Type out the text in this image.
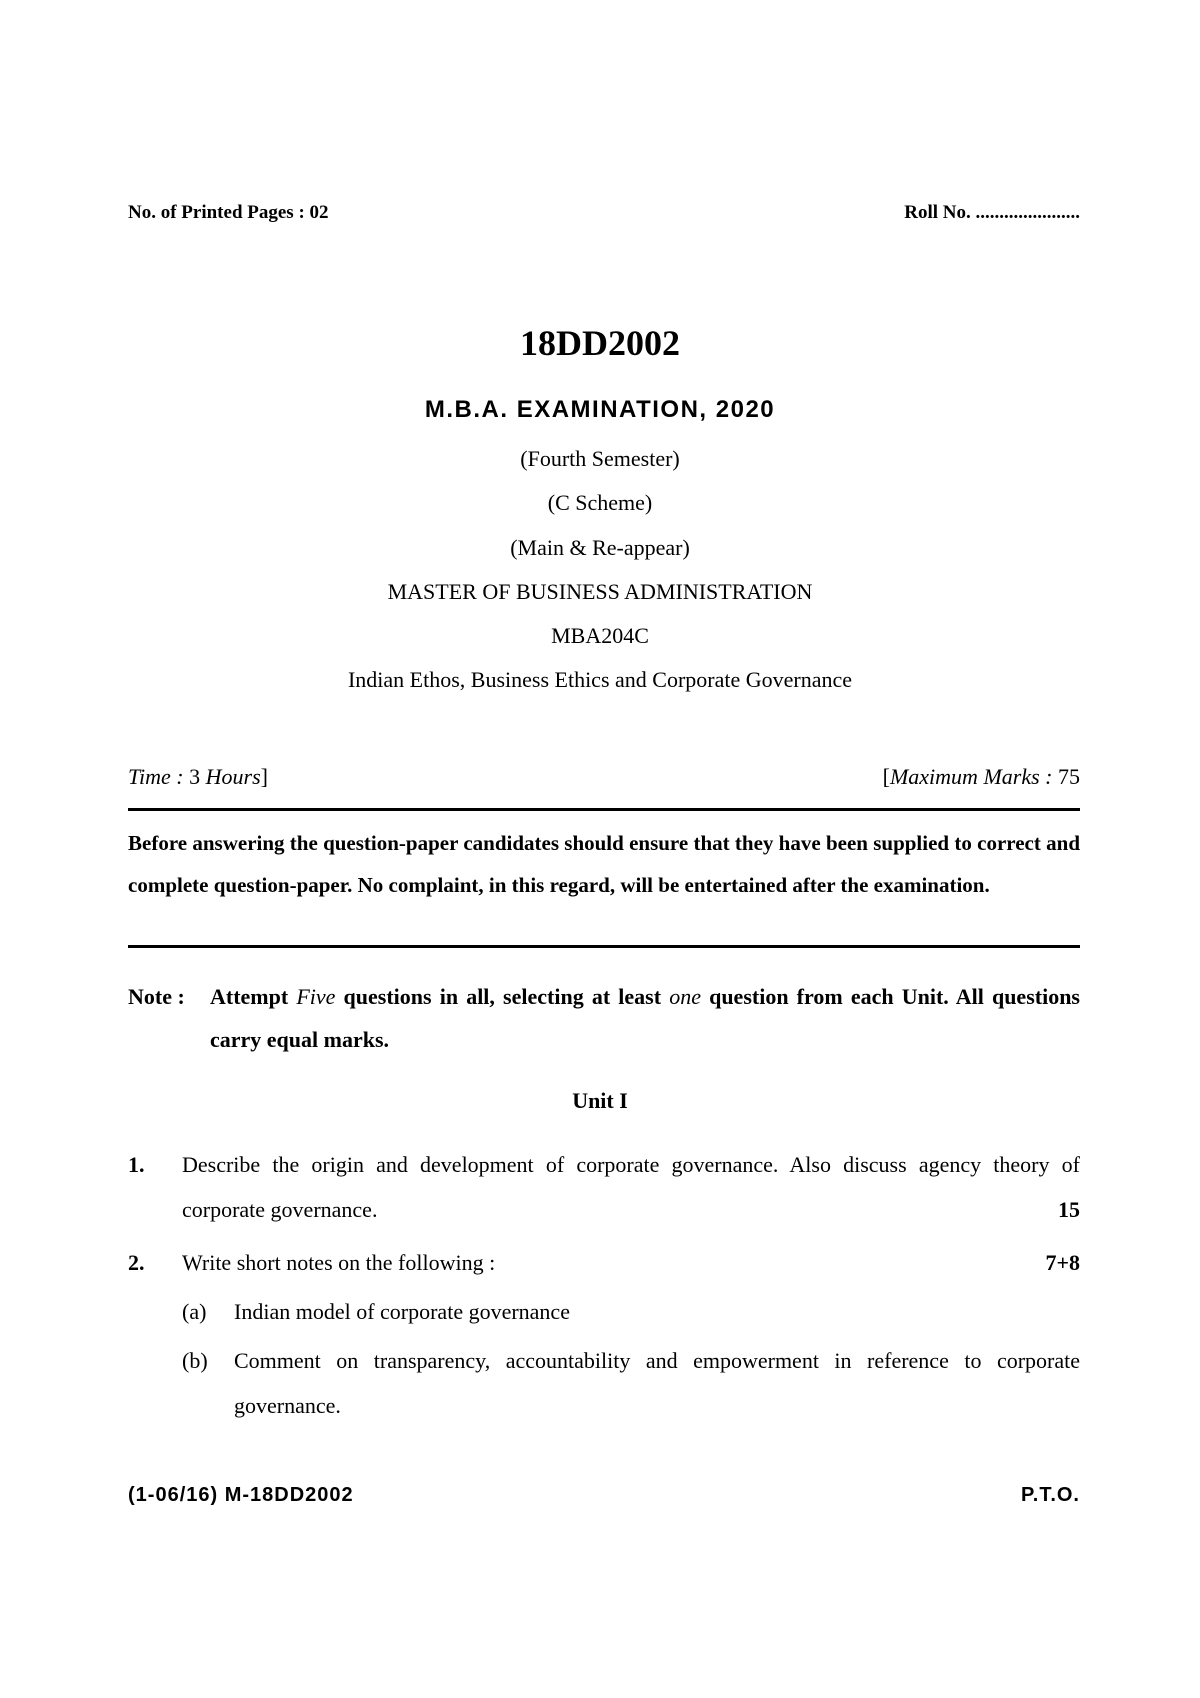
No. of Printed Pages : 02	Roll No. ......................
18DD2002
M.B.A. EXAMINATION, 2020
(Fourth Semester)
(C Scheme)
(Main & Re-appear)
MASTER OF BUSINESS ADMINISTRATION
MBA204C
Indian Ethos, Business Ethics and Corporate Governance
Time : 3 Hours]	[Maximum Marks : 75
Before answering the question-paper candidates should ensure that they have been supplied to correct and complete question-paper. No complaint, in this regard, will be entertained after the examination.
Note :	Attempt Five questions in all, selecting at least one question from each Unit. All questions carry equal marks.
Unit I
1.	Describe the origin and development of corporate governance. Also discuss agency theory of corporate governance.	15
2.	Write short notes on the following :	7+8
(a)	Indian model of corporate governance
(b)	Comment on transparency, accountability and empowerment in reference to corporate governance.
(1-06/16) M-18DD2002	P.T.O.
